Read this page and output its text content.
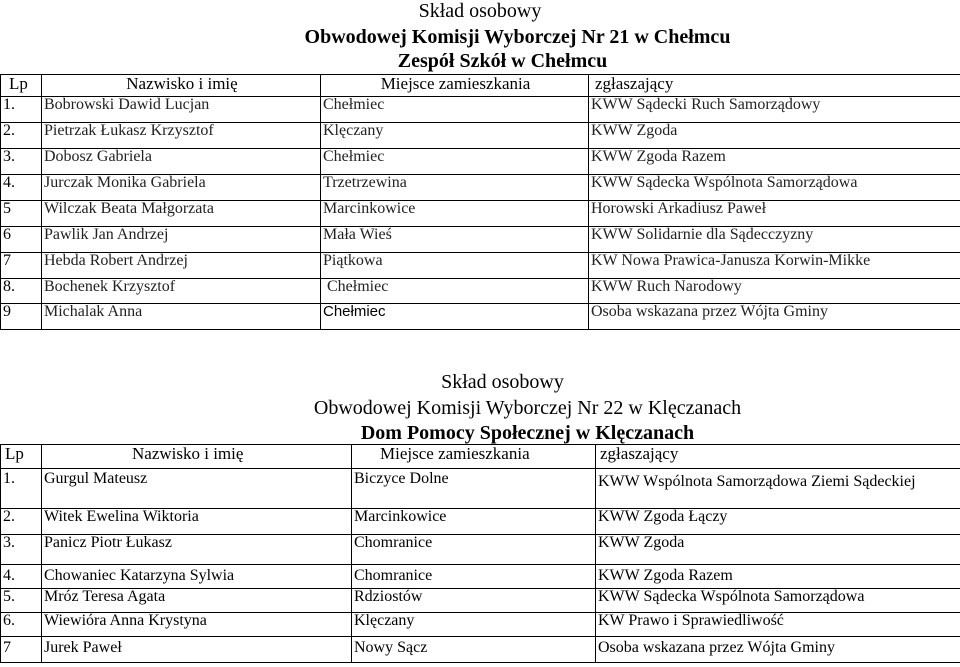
Skład osobowy
Obwodowej Komisji Wyborczej Nr 21 w Chełmcu
Zespół Szkół w Chełmcu
Lp	Nazwisko i imię	Miejsce zamieszkania	zgłaszający
1.	Bobrowski Dawid Lucjan	Chełmiec	KWW Sądecki Ruch Samorządowy
2.	Pietrzak Łukasz Krzysztof	Klęczany	KWW Zgoda
3.	Dobosz Gabriela	Chełmiec	KWW Zgoda Razem
4.	Jurczak Monika Gabriela	Trzetrzewina	KWW Sądecka Wspólnota Samorządowa
5	Wilczak Beata Małgorzata	Marcinkowice	Horowski Arkadiusz Paweł
6	Pawlik Jan Andrzej	Mała Wieś	KWW Solidarnie dla Sądecczyzny
7	Hebda Robert Andrzej	Piątkowa	KW Nowa Prawica-Janusza Korwin-Mikke
8.	Bochenek Krzysztof	Chełmiec	KWW Ruch Narodowy
9	Michalak Anna	Chełmiec	Osoba wskazana przez Wójta Gminy
Skład osobowy
Obwodowej Komisji Wyborczej Nr 22 w Klęczanach
Dom Pomocy Społecznej w Klęczanach
Lp	Nazwisko i imię	Miejsce zamieszkania	zgłaszający
1.	Gurgul Mateusz	Biczyce Dolne	KWW Wspólnota Samorządowa Ziemi Sądeckiej
2.	Witek Ewelina Wiktoria	Marcinkowice	KWW Zgoda Łączy
3.	Panicz Piotr Łukasz	Chomranice	KWW Zgoda
4.	Chowaniec Katarzyna Sylwia	Chomranice	KWW Zgoda Razem
5.	Mróz Teresa Agata	Rdziostów	KWW Sądecka Wspólnota Samorządowa
6.	Wiewióra Anna Krystyna	Klęczany	KW Prawo i Sprawiedliwość
7	Jurek Paweł	Nowy Sącz	Osoba wskazana przez Wójta Gminy
